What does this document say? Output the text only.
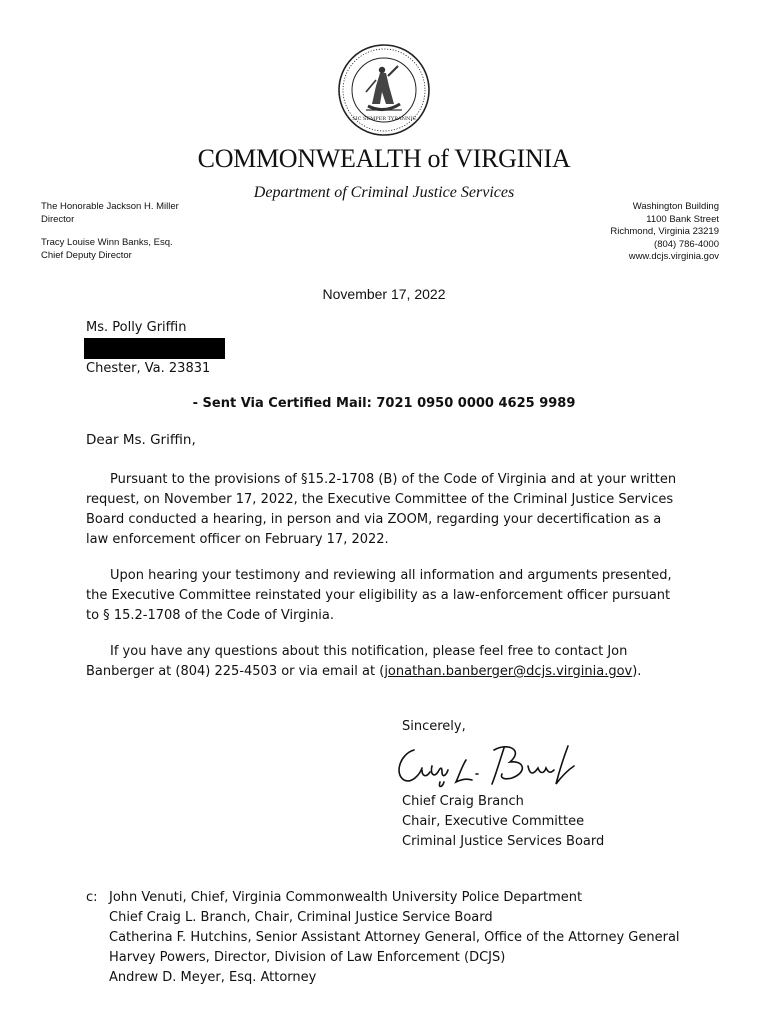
SIC SEMPER TYRANNIS
COMMONWEALTH of VIRGINIA
Department of Criminal Justice Services
The Honorable Jackson H. Miller
Director
Tracy Louise Winn Banks, Esq.
Chief Deputy Director
Washington Building
1100 Bank Street
Richmond, Virginia 23219
(804) 786-4000
www.dcjs.virginia.gov
November 17, 2022
Ms. Polly Griffin
Chester, Va. 23831
- Sent Via Certified Mail: 7021 0950 0000 4625 9989
Dear Ms. Griffin,

Pursuant to the provisions of §15.2-1708 (B) of the Code of Virginia and at your written request, on November 17, 2022, the Executive Committee of the Criminal Justice Services Board conducted a hearing, in person and via ZOOM, regarding your decertification as a law enforcement officer on February 17, 2022.

Upon hearing your testimony and reviewing all information and arguments presented, the Executive Committee reinstated your eligibility as a law-enforcement officer pursuant to § 15.2-1708 of the Code of Virginia.

If you have any questions about this notification, please feel free to contact Jon Banberger at (804) 225-4503 or via email at (jonathan.banberger@dcjs.virginia.gov).

Sincerely,
Chief Craig Branch
Chair, Executive Committee
Criminal Justice Services Board
c: John Venuti, Chief, Virginia Commonwealth University Police Department
Chief Craig L. Branch, Chair, Criminal Justice Service Board
Catherina F. Hutchins, Senior Assistant Attorney General, Office of the Attorney General
Harvey Powers, Director, Division of Law Enforcement (DCJS)
Andrew D. Meyer, Esq. Attorney
